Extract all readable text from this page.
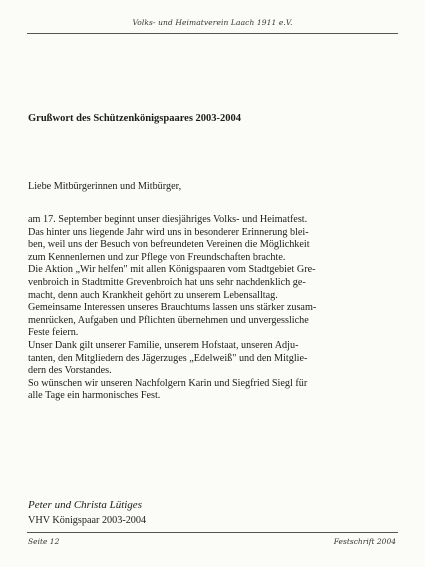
Volks- und Heimatverein Laach 1911 e.V.
Grußwort des Schützenkönigspaares 2003-2004
Liebe Mitbürgerinnen und Mitbürger,
am 17. September beginnt unser diesjähriges Volks- und Heimatfest.
Das hinter uns liegende Jahr wird uns in besonderer Erinnerung blei-
ben, weil uns der Besuch von befreundeten Vereinen die Möglichkeit
zum Kennenlernen und zur Pflege von Freundschaften brachte.
Die Aktion „Wir helfen" mit allen Königspaaren vom Stadtgebiet Gre-
venbroich in Stadtmitte Grevenbroich hat uns sehr nachdenklich ge-
macht, denn auch Krankheit gehört zu unserem Lebensalltag.
Gemeinsame Interessen unseres Brauchtums lassen uns stärker zusam-
menrücken, Aufgaben und Pflichten übernehmen und unvergessliche
Feste feiern.
Unser Dank gilt unserer Familie, unserem Hofstaat, unseren Adju-
tanten, den Mitgliedern des Jägerzuges „Edelweiß" und den Mitglie-
dern des Vorstandes.
So wünschen wir unseren Nachfolgern Karin und Siegfried Siegl für
alle Tage ein harmonisches Fest.
Peter und Christa Lütiges
VHV Königspaar 2003-2004
Seite 12	Festschrift 2004
